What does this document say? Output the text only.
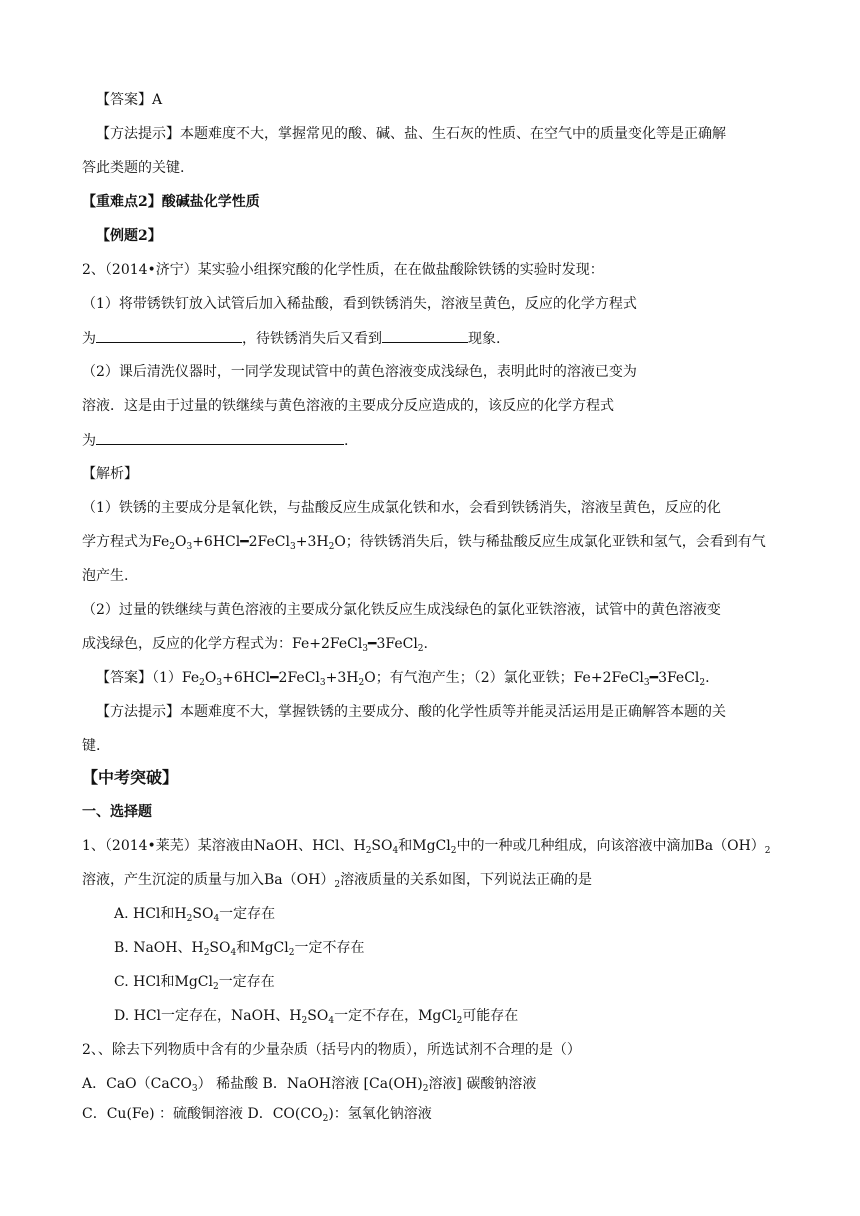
【答案】A
【方法提示】本题难度不大，掌握常见的酸、碱、盐、生石灰的性质、在空气中的质量变化等是正确解
答此类题的关键.
【重难点2】酸碱盐化学性质
【例题2】
2、（2014•济宁）某实验小组探究酸的化学性质，在在做盐酸除铁锈的实验时发现：
（1）将带锈铁钉放入试管后加入稀盐酸，看到铁锈消失，溶液呈黄色，反应的化学方程式
为	，待铁锈消失后又看到	现象.
（2）课后清洗仪器时，一同学发现试管中的黄色溶液变成浅绿色，表明此时的溶液已变为
溶液．这是由于过量的铁继续与黄色溶液的主要成分反应造成的，该反应的化学方程式
为	.
【解析】
（1）铁锈的主要成分是氧化铁，与盐酸反应生成氯化铁和水，会看到铁锈消失，溶液呈黄色，反应的化
学方程式为$Fe_2O_3+6HCl━2FeCl_3+3H_2O$；待铁锈消失后，铁与稀盐酸反应生成氯化亚铁和氢气，会看到有气
泡产生.
（2）过量的铁继续与黄色溶液的主要成分氯化铁反应生成浅绿色的氯化亚铁溶液，试管中的黄色溶液变
成浅绿色，反应的化学方程式为：Fe+2FeCl$_3$━3FeCl$_2$.
【答案】$(1)Fe_2O_3+6HCl━2FeCl_3+3H_2O$；有气泡产生；（2）氯化亚铁；Fe+2FeCl$_3$━3FeCl$_2$.
【方法提示】本题难度不大，掌握铁锈的主要成分、酸的化学性质等并能灵活运用是正确解答本题的关
键.
【中考突破】
一、选择题
1、（2014•莱芜）某溶液由NaOH、HCl、$H_2SO_4$和MgCl$_2$中的一种或几种组成，向该溶液中滴加$Ba(OH)_2$
溶液，产生沉淀的质量与加入$Ba(OH)_2$溶液质量的关系如图，下列说法正确的是
A. HCl和$H_2SO_4$一定存在
B. NaOH、$H_2SO_4$和MgCl$_2$一定不存在
C. HCl和MgCl$_2$一定存在
D. HCl一定存在，NaOH、$H_2SO_4$一定不存在，MgCl$_2$可能存在
2、、除去下列物质中含有的少量杂质（括号内的物质），所选试剂不合理的是（）
A．CaO（CaCO$_3$） 稀盐酸 B．NaOH溶液 [$Ca(OH)_2$溶液] 碳酸钠溶液
C．Cu(Fe) ：硫酸铜溶液 D．$CO(CO_2)$：氢氧化钠溶液
